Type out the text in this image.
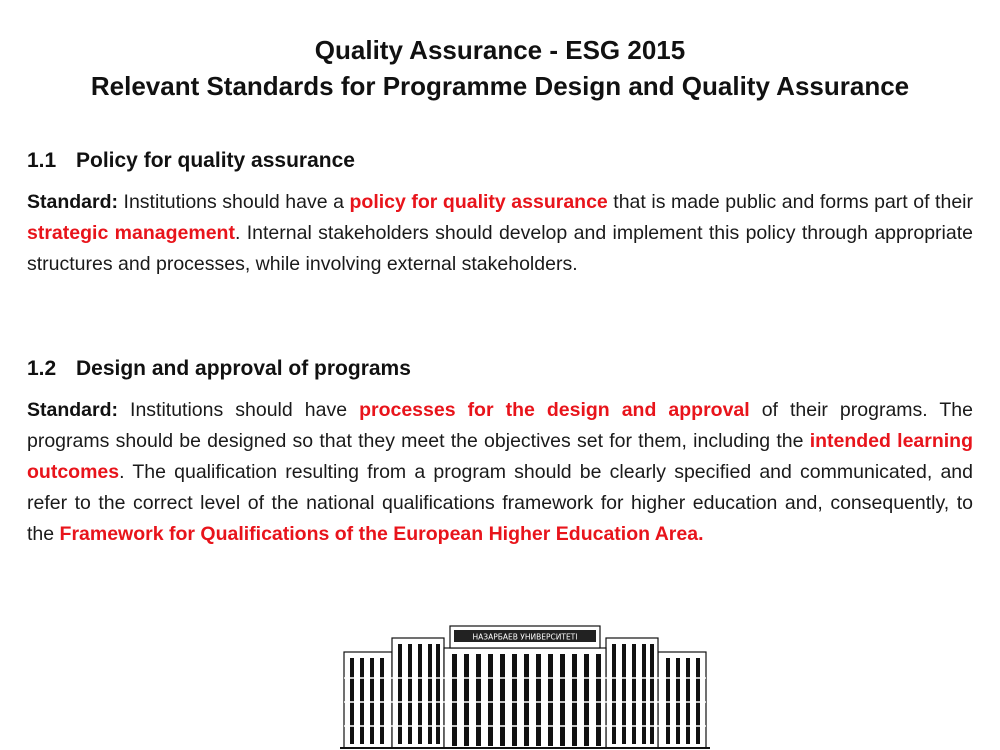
Quality Assurance - ESG 2015
Relevant Standards for Programme Design and Quality Assurance
1.1 Policy for quality assurance

Standard: Institutions should have a policy for quality assurance that is made public and forms part of their strategic management. Internal stakeholders should develop and implement this policy through appropriate structures and processes, while involving external stakeholders.

1.2 Design and approval of programs

Standard: Institutions should have processes for the design and approval of their programs. The programs should be designed so that they meet the objectives set for them, including the intended learning outcomes. The qualification resulting from a program should be clearly specified and communicated, and refer to the correct level of the national qualifications framework for higher education and, consequently, to the Framework for Qualifications of the European Higher Education Area.

НАЗАРБАЕВ УНИВЕРСИТЕТІ
